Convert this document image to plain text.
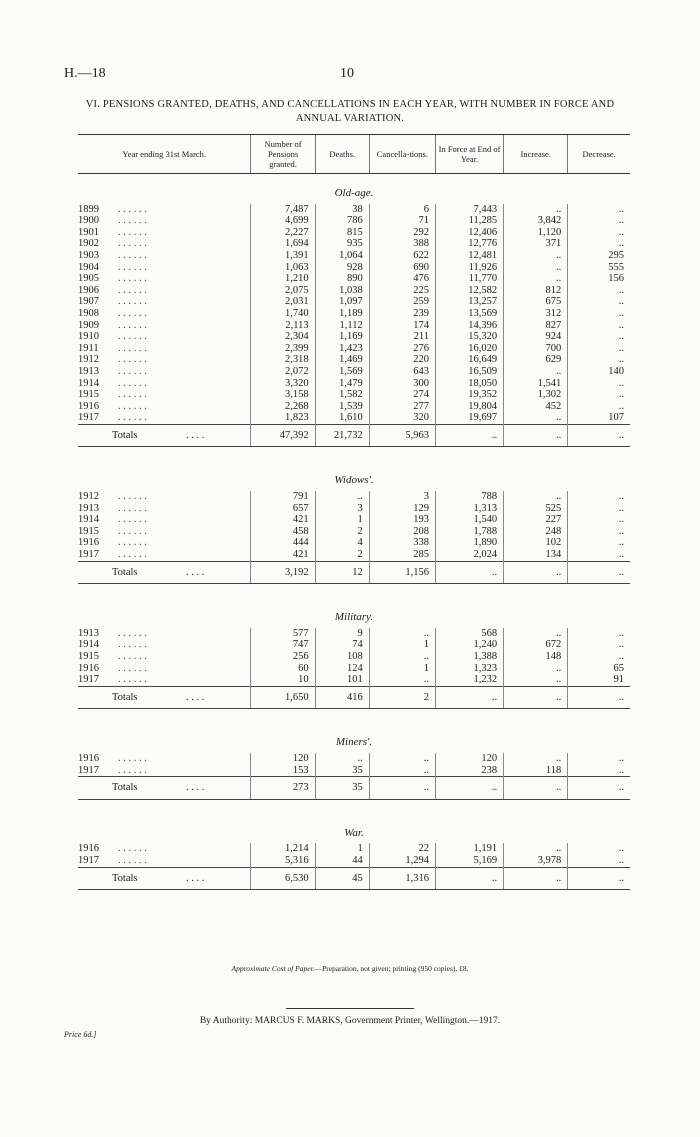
H.—18	10
VI. PENSIONS GRANTED, DEATHS, AND CANCELLATIONS IN EACH YEAR, WITH NUMBER IN FORCE AND
ANNUAL VARIATION.
Year ending 31st March.	Number of Pensions granted.	Deaths.	Cancella-tions.	In Force at End of Year.	Increase.	Decrease.
Old-age.						
1899 . . . . . .	7,487	38	6	7,443	..	..
1900 . . . . . .	4,699	786	71	11,285	3,842	..
1901 . . . . . .	2,227	815	292	12,406	1,120	..
1902 . . . . . .	1,694	935	388	12,776	371	..
1903 . . . . . .	1,391	1,064	622	12,481	..	295
1904 . . . . . .	1,063	928	690	11,926	..	555
1905 . . . . . .	1,210	890	476	11,770	..	156
1906 . . . . . .	2,075	1,038	225	12,582	812	..
1907 . . . . . .	2,031	1,097	259	13,257	675	..
1908 . . . . . .	1,740	1,189	239	13,569	312	..
1909 . . . . . .	2,113	1,112	174	14,396	827	..
1910 . . . . . .	2,304	1,169	211	15,320	924	..
1911 . . . . . .	2,399	1,423	276	16,020	700	..
1912 . . . . . .	2,318	1,469	220	16,649	629	..
1913 . . . . . .	2,072	1,569	643	16,509	..	140
1914 . . . . . .	3,320	1,479	300	18,050	1,541	..
1915 . . . . . .	3,158	1,582	274	19,352	1,302	..
1916 . . . . . .	2,268	1,539	277	19,804	452	..
1917 . . . . . .	1,823	1,610	320	19,697	..	107
Totals . . . .	47,392	21,732	5,963	..	..	..

Widows'.						
1912 . . . . . .	791	..	3	788	..	..
1913 . . . . . .	657	3	129	1,313	525	..
1914 . . . . . .	421	1	193	1,540	227	..
1915 . . . . . .	458	2	208	1,788	248	..
1916 . . . . . .	444	4	338	1,890	102	..
1917 . . . . . .	421	2	285	2,024	134	..
Totals . . . .	3,192	12	1,156	..	..	..

Military.						
1913 . . . . . .	577	9	..	568	..	..
1914 . . . . . .	747	74	1	1,240	672	..
1915 . . . . . .	256	108	..	1,388	148	..
1916 . . . . . .	60	124	1	1,323	..	65
1917 . . . . . .	10	101	..	1,232	..	91
Totals . . . .	1,650	416	2	..	..	..

Miners'.						
1916 . . . . . .	120	..	..	120	..	..
1917 . . . . . .	153	35	..	238	118	..
Totals . . . .	273	35	..	..	..	..

War.						
1916 . . . . . .	1,214	1	22	1,191	..	..
1917 . . . . . .	5,316	44	1,294	5,169	3,978	..
Totals . . . .	6,530	45	1,316	..	..	..
Approximate Cost of Paper.—Preparation, not given; printing (950 copies), £8.
By Authority: MARCUS F. MARKS, Government Printer, Wellington.—1917.
Price 6d.]
